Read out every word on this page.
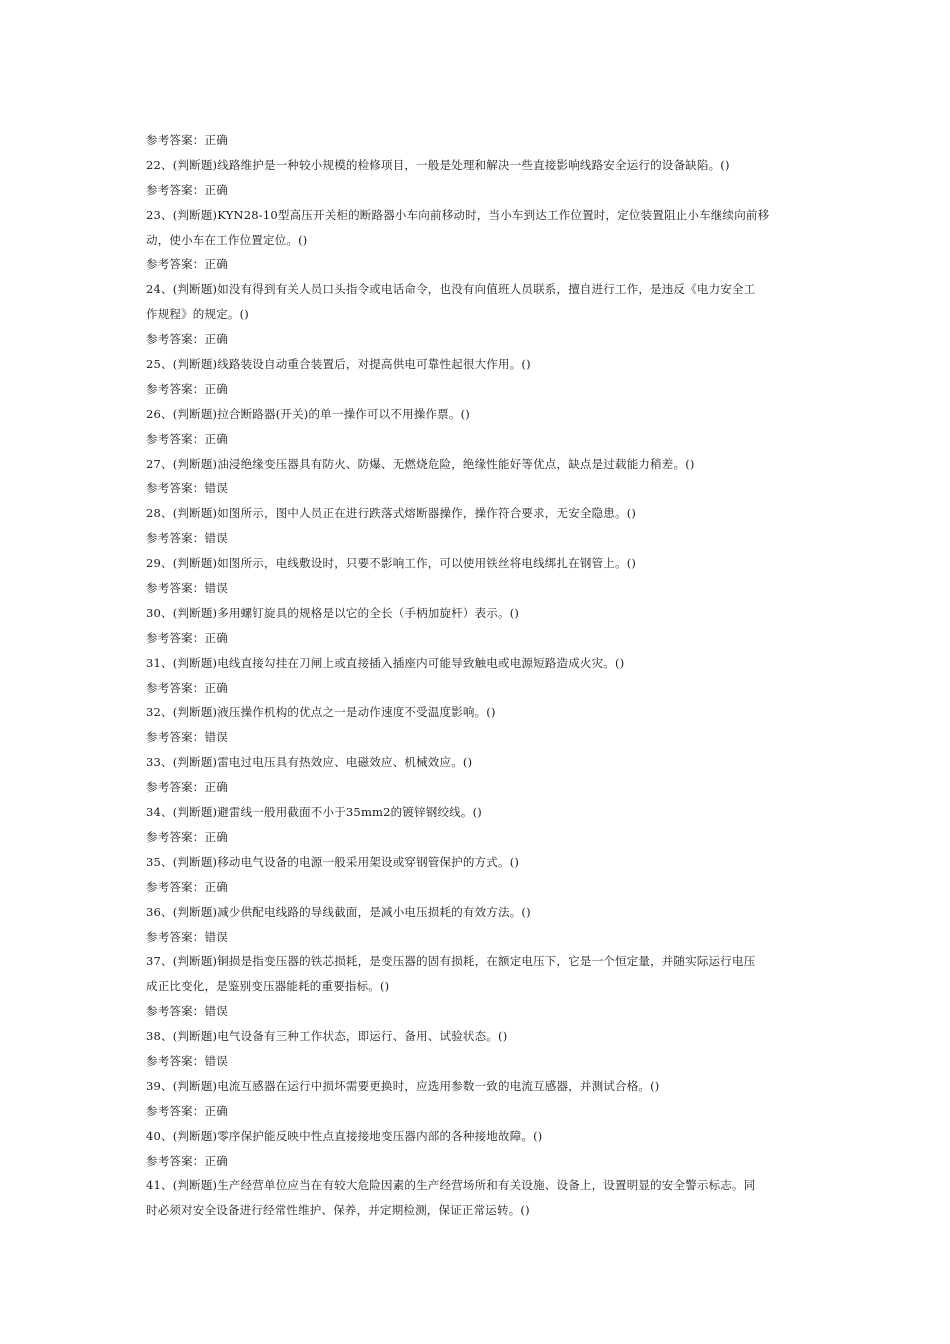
参考答案：正确
22、(判断题)线路维护是一种较小规模的检修项目，一般是处理和解决一些直接影响线路安全运行的设备缺陷。()
参考答案：正确
23、(判断题)KYN28-10型高压开关柜的断路器小车向前移动时，当小车到达工作位置时，定位装置阻止小车继续向前移
动，使小车在工作位置定位。()
参考答案：正确
24、(判断题)如没有得到有关人员口头指令或电话命令，也没有向值班人员联系，擅自进行工作，是违反《电力安全工
作规程》的规定。()
参考答案：正确
25、(判断题)线路装设自动重合装置后，对提高供电可靠性起很大作用。()
参考答案：正确
26、(判断题)拉合断路器(开关)的单一操作可以不用操作票。()
参考答案：正确
27、(判断题)油浸绝缘变压器具有防火、防爆、无燃烧危险，绝缘性能好等优点，缺点是过载能力稍差。()
参考答案：错误
28、(判断题)如图所示，图中人员正在进行跌落式熔断器操作，操作符合要求，无安全隐患。()
参考答案：错误
29、(判断题)如图所示，电线敷设时，只要不影响工作，可以使用铁丝将电线绑扎在钢管上。()
参考答案：错误
30、(判断题)多用螺钉旋具的规格是以它的全长（手柄加旋杆）表示。()
参考答案：正确
31、(判断题)电线直接勾挂在刀闸上或直接插入插座内可能导致触电或电源短路造成火灾。()
参考答案：正确
32、(判断题)液压操作机构的优点之一是动作速度不受温度影响。()
参考答案：错误
33、(判断题)雷电过电压具有热效应、电磁效应、机械效应。()
参考答案：正确
34、(判断题)避雷线一般用截面不小于35mm2的镀锌钢绞线。()
参考答案：正确
35、(判断题)移动电气设备的电源一般采用架设或穿钢管保护的方式。()
参考答案：正确
36、(判断题)减少供配电线路的导线截面，是减小电压损耗的有效方法。()
参考答案：错误
37、(判断题)铜损是指变压器的铁芯损耗，是变压器的固有损耗，在额定电压下，它是一个恒定量，并随实际运行电压
成正比变化，是鉴别变压器能耗的重要指标。()
参考答案：错误
38、(判断题)电气设备有三种工作状态，即运行、备用、试验状态。()
参考答案：错误
39、(判断题)电流互感器在运行中损坏需要更换时，应选用参数一致的电流互感器，并测试合格。()
参考答案：正确
40、(判断题)零序保护能反映中性点直接接地变压器内部的各种接地故障。()
参考答案：正确
41、(判断题)生产经营单位应当在有较大危险因素的生产经营场所和有关设施、设备上，设置明显的安全警示标志。同
时必须对安全设备进行经常性维护、保养，并定期检测，保证正常运转。()
